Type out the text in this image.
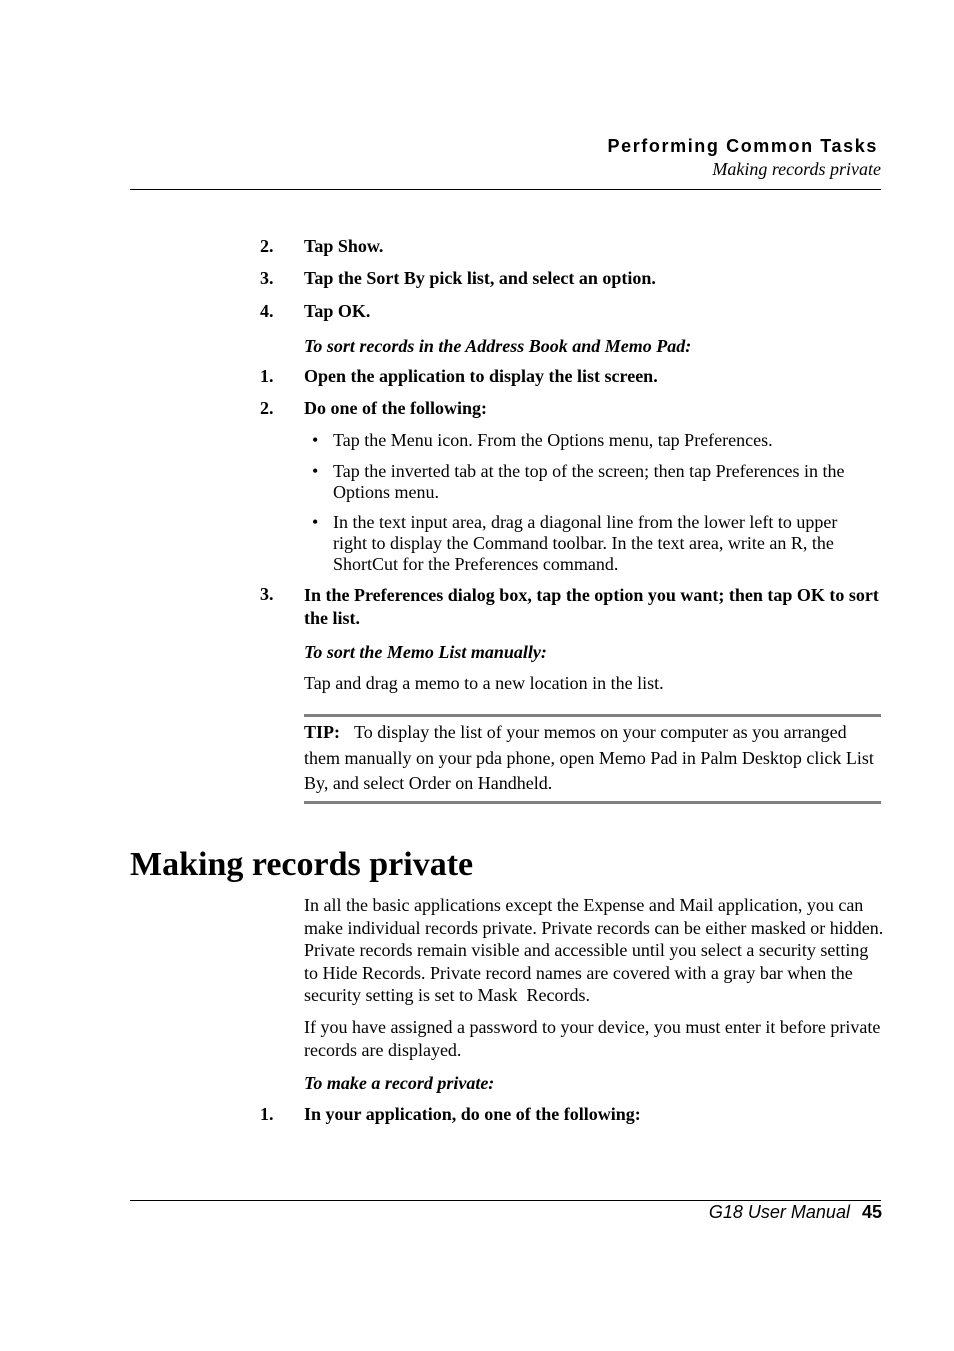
Performing Common Tasks
Making records private
2. Tap Show.
3. Tap the Sort By pick list, and select an option.
4. Tap OK.
To sort records in the Address Book and Memo Pad:
1. Open the application to display the list screen.
2. Do one of the following:
• Tap the Menu icon. From the Options menu, tap Preferences.
• Tap the inverted tab at the top of the screen; then tap Preferences in the Options menu.
• In the text input area, drag a diagonal line from the lower left to upper right to display the Command toolbar. In the text area, write an R, the ShortCut for the Preferences command.
3. In the Preferences dialog box, tap the option you want; then tap OK to sort the list.
To sort the Memo List manually:
Tap and drag a memo to a new location in the list.
TIP: To display the list of your memos on your computer as you arranged them manually on your pda phone, open Memo Pad in Palm Desktop click List By, and select Order on Handheld.
Making records private
In all the basic applications except the Expense and Mail application, you can make individual records private. Private records can be either masked or hidden. Private records remain visible and accessible until you select a security setting to Hide Records. Private record names are covered with a gray bar when the security setting is set to Mask  Records.
If you have assigned a password to your device, you must enter it before private records are displayed.
To make a record private:
1. In your application, do one of the following:
G18 User Manual 45
